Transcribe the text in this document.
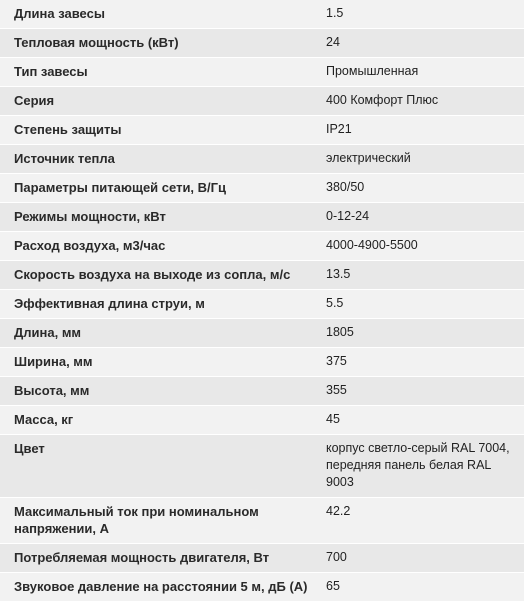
Длина завесы	1.5
Тепловая мощность (кВт)	24
Тип завесы	Промышленная
Серия	400 Комфорт Плюс
Степень защиты	IP21
Источник тепла	электрический
Параметры питающей сети, В/Гц	380/50
Режимы мощности, кВт	0-12-24
Расход воздуха, м3/час	4000-4900-5500
Скорость воздуха на выходе из сопла, м/с	13.5
Эффективная длина струи, м	5.5
Длина, мм	1805
Ширина, мм	375
Высота, мм	355
Масса, кг	45
Цвет	корпус светло-серый RAL 7004, передняя панель белая RAL 9003
Максимальный ток при номинальном напряжении, А	42.2
Потребляемая мощность двигателя, Вт	700
Звуковое давление на расстоянии 5 м, дБ (А)	65
